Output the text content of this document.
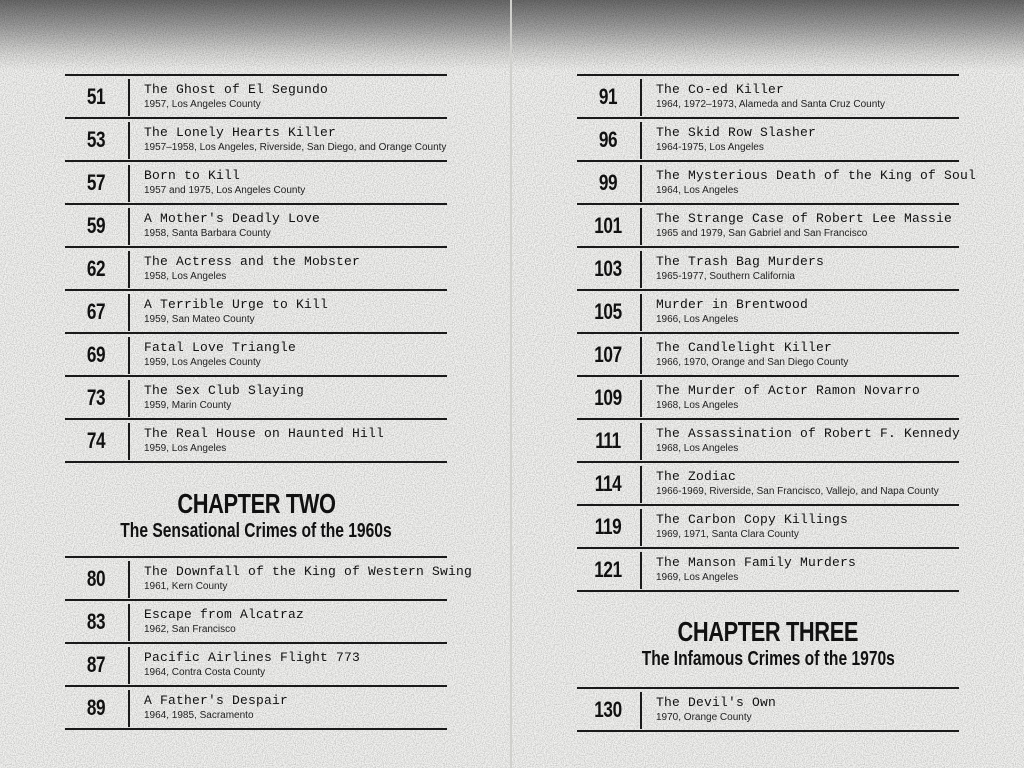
51	The Ghost of El Segundo
1957, Los Angeles County
53	The Lonely Hearts Killer
1957–1958, Los Angeles, Riverside, San Diego, and Orange County
57	Born to Kill
1957 and 1975, Los Angeles County
59	A Mother's Deadly Love
1958, Santa Barbara County
62	The Actress and the Mobster
1958, Los Angeles
67	A Terrible Urge to Kill
1959, San Mateo County
69	Fatal Love Triangle
1959, Los Angeles County
73	The Sex Club Slaying
1959, Marin County
74	The Real House on Haunted Hill
1959, Los Angeles
CHAPTER TWO
The Sensational Crimes of the 1960s
80	The Downfall of the King of Western Swing
1961, Kern County
83	Escape from Alcatraz
1962, San Francisco
87	Pacific Airlines Flight 773
1964, Contra Costa County
89	A Father's Despair
1964, 1985, Sacramento
91	The Co-ed Killer
1964, 1972–1973, Alameda and Santa Cruz County
96	The Skid Row Slasher
1964-1975, Los Angeles
99	The Mysterious Death of the King of Soul
1964, Los Angeles
101	The Strange Case of Robert Lee Massie
1965 and 1979, San Gabriel and San Francisco
103	The Trash Bag Murders
1965-1977, Southern California
105	Murder in Brentwood
1966, Los Angeles
107	The Candlelight Killer
1966, 1970, Orange and San Diego County
109	The Murder of Actor Ramon Novarro
1968, Los Angeles
111	The Assassination of Robert F. Kennedy
1968, Los Angeles
114	The Zodiac
1966-1969, Riverside, San Francisco, Vallejo, and Napa County
119	The Carbon Copy Killings
1969, 1971, Santa Clara County
121	The Manson Family Murders
1969, Los Angeles
CHAPTER THREE
The Infamous Crimes of the 1970s
130	The Devil's Own
1970, Orange County
